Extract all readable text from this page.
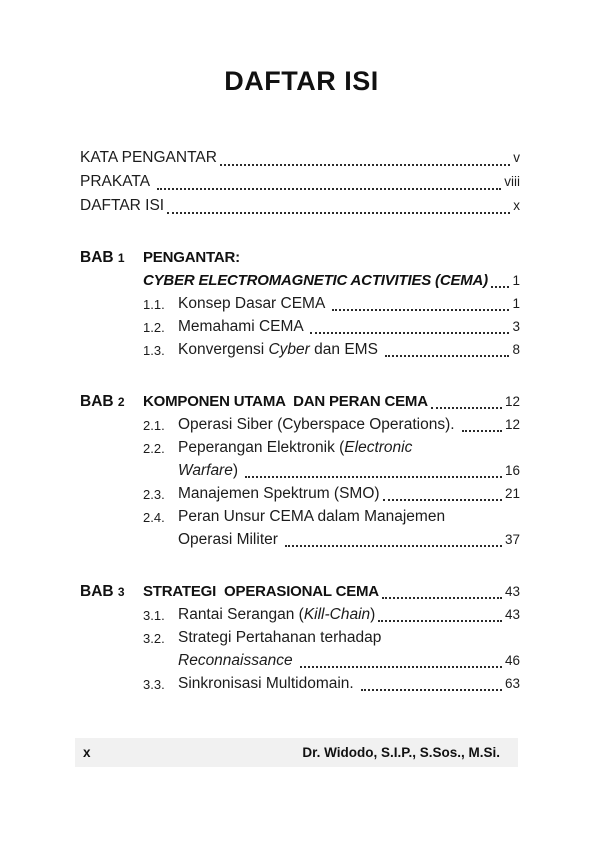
DAFTAR ISI
KATA PENGANTAR	v
PRAKATA	viii
DAFTAR ISI	x
BAB 1	PENGANTAR:
CYBER ELECTROMAGNETIC ACTIVITIES (CEMA) 1
1.1. Konsep Dasar CEMA	1
1.2. Memahami CEMA	3
1.3. Konvergensi Cyber dan EMS	8
BAB 2	KOMPONEN UTAMA  DAN PERAN CEMA	12
2.1. Operasi Siber (Cyberspace Operations).	12
2.2. Peperangan Elektronik (Electronic
Warfare)	16
2.3. Manajemen Spektrum (SMO)	21
2.4. Peran Unsur CEMA dalam Manajemen
Operasi Militer	37
BAB 3	STRATEGI  OPERASIONAL CEMA	43
3.1. Rantai Serangan (Kill-Chain)	43
3.2. Strategi Pertahanan terhadap
Reconnaissance	46
3.3. Sinkronisasi Multidomain.	63
x	Dr. Widodo, S.I.P., S.Sos., M.Si.
